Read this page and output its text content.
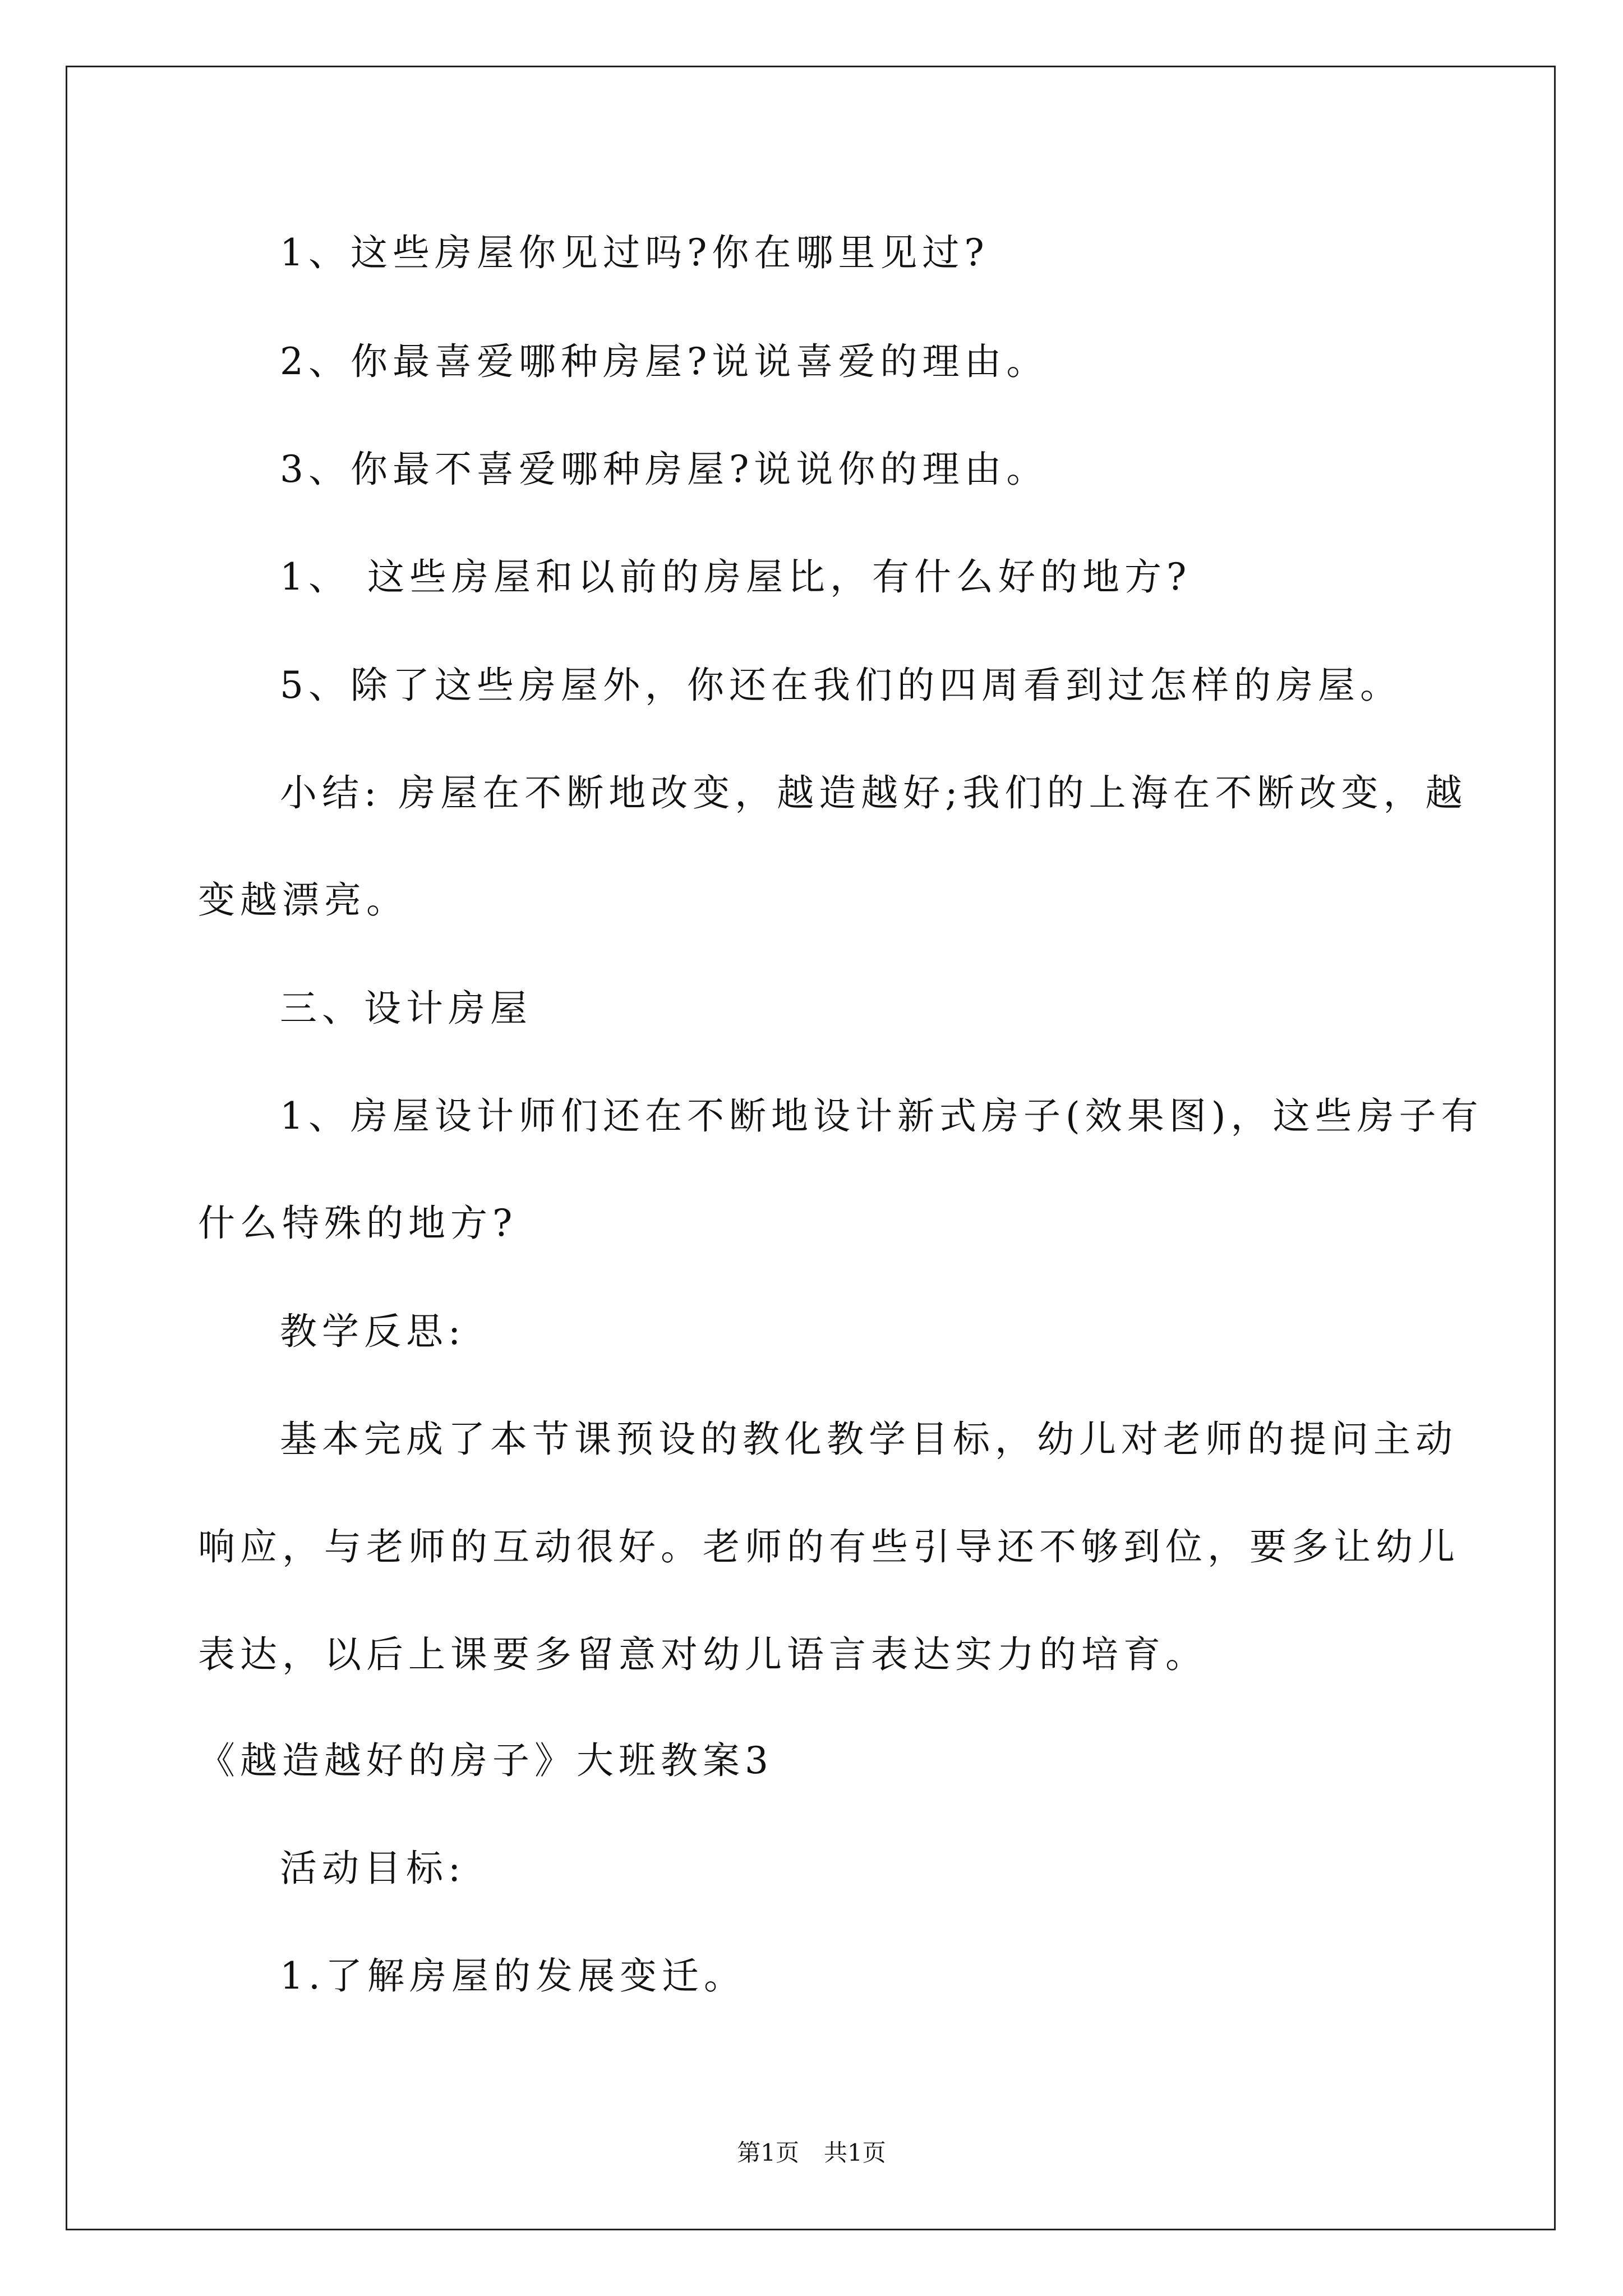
1、这些房屋你见过吗?你在哪里见过?
2、你最喜爱哪种房屋?说说喜爱的理由。
3、你最不喜爱哪种房屋?说说你的理由。
1、 这些房屋和以前的房屋比，有什么好的地方?
5、除了这些房屋外，你还在我们的四周看到过怎样的房屋。
小结: 房屋在不断地改变，越造越好;我们的上海在不断改变，越
变越漂亮。
三、设计房屋
1、房屋设计师们还在不断地设计新式房子(效果图)，这些房子有
什么特殊的地方?
教学反思:
基本完成了本节课预设的教化教学目标，幼儿对老师的提问主动
响应，与老师的互动很好。老师的有些引导还不够到位，要多让幼儿
表达，以后上课要多留意对幼儿语言表达实力的培育。
《越造越好的房子》大班教案3
活动目标:
1.了解房屋的发展变迁。
第1页 共1页
